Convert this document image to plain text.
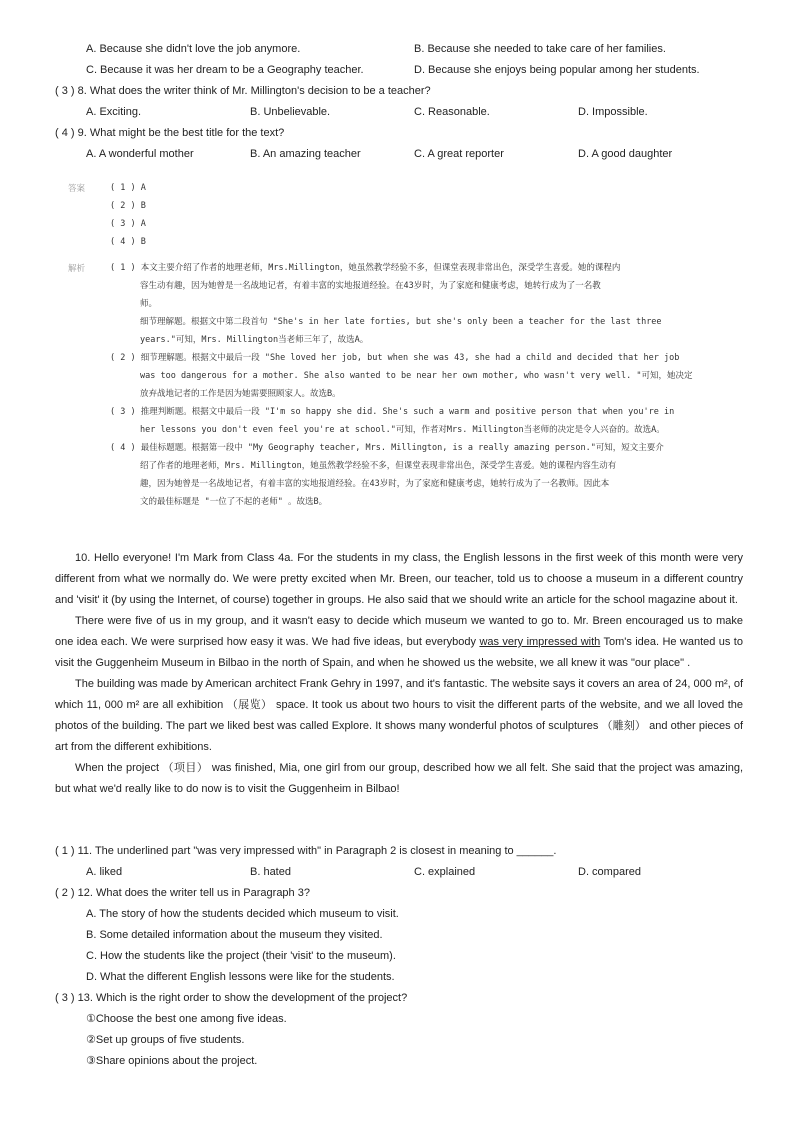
A. Because she didn't love the job anymore.	B. Because she needed to take care of her families.
C. Because it was her dream to be a Geography teacher.	D. Because she enjoys being popular among her students.
( 3 ) 8. What does the writer think of Mr. Millington's decision to be a teacher?
A. Exciting.	B. Unbelievable.	C. Reasonable.	D. Impossible.
( 4 ) 9. What might be the best title for the text?
A. A wonderful mother	B. An amazing teacher	C. A great reporter	D. A good daughter
答案	( 1 ) A
( 2 ) B
( 3 ) A
( 4 ) B
解析	( 1 ) 本文主要介绍了作者的地理老师，Mrs.Millington，她虽然教学经验不多，但课堂表现非常出色，深受学生喜爱。她的课程内
容生动有趣，因为她曾是一名战地记者，有着丰富的实地报道经验。在43岁时，为了家庭和健康考虑，她转行成为了一名教
师。
细节理解题。根据文中第二段首句 "She's in her late forties, but she's only been a teacher for the last three
years."可知，Mrs. Millington当老师三年了，故选A。
( 2 ) 细节理解题。根据文中最后一段 "She loved her job, but when she was 43, she had a child and decided that her job
was too dangerous for a mother. She also wanted to be near her own mother, who wasn't very well. "可知，她决定
放弃战地记者的工作是因为她需要照顾家人。故选B。
( 3 ) 推理判断题。根据文中最后一段 "I'm so happy she did. She's such a warm and positive person that when you're in
her lessons you don't even feel you're at school."可知，作者对Mrs. Millington当老师的决定是令人兴奋的。故选A。
( 4 ) 最佳标题题。根据第一段中 "My Geography teacher, Mrs. Millington, is a really amazing person."可知，短文主要介
绍了作者的地理老师，Mrs. Millington，她虽然教学经验不多，但课堂表现非常出色，深受学生喜爱。她的课程内容生动有
趣，因为她曾是一名战地记者，有着丰富的实地报道经验。在43岁时，为了家庭和健康考虑，她转行成为了一名教师。因此本
文的最佳标题是 "一位了不起的老师" 。故选B。

10. Hello everyone! I'm Mark from Class 4a. For the students in my class, the English lessons in the first week of this month were very different from what we normally do. We were pretty excited when Mr. Breen, our teacher, told us to choose a museum in a different country and 'visit' it (by using the Internet, of course) together in groups. He also said that we should write an article for the school magazine about it.

There were five of us in my group, and it wasn't easy to decide which museum we wanted to go to. Mr. Breen encouraged us to make one idea each. We were surprised how easy it was. We had five ideas, but everybody was very impressed with Tom's idea. He wanted us to visit the Guggenheim Museum in Bilbao in the north of Spain, and when he showed us the website, we all knew it was "our place" .

The building was made by American architect Frank Gehry in 1997, and it's fantastic. The website says it covers an area of 24, 000 m², of which 11, 000 m² are all exhibition （展览） space. It took us about two hours to visit the different parts of the website, and we all loved the photos of the building. The part we liked best was called Explore. It shows many wonderful photos of sculptures （雕刻） and other pieces of art from the different exhibitions.

When the project （项目） was finished, Mia, one girl from our group, described how we all felt. She said that the project was amazing, but what we'd really like to do now is to visit the Guggenheim in Bilbao!

( 1 ) 11. The underlined part "was very impressed with" in Paragraph 2 is closest in meaning to ______.
A. liked	B. hated	C. explained	D. compared
( 2 ) 12. What does the writer tell us in Paragraph 3?
A. The story of how the students decided which museum to visit.
B. Some detailed information about the museum they visited.
C. How the students like the project (their 'visit' to the museum).
D. What the different English lessons were like for the students.
( 3 ) 13. Which is the right order to show the development of the project?
①Choose the best one among five ideas.
②Set up groups of five students.
③Share opinions about the project.
